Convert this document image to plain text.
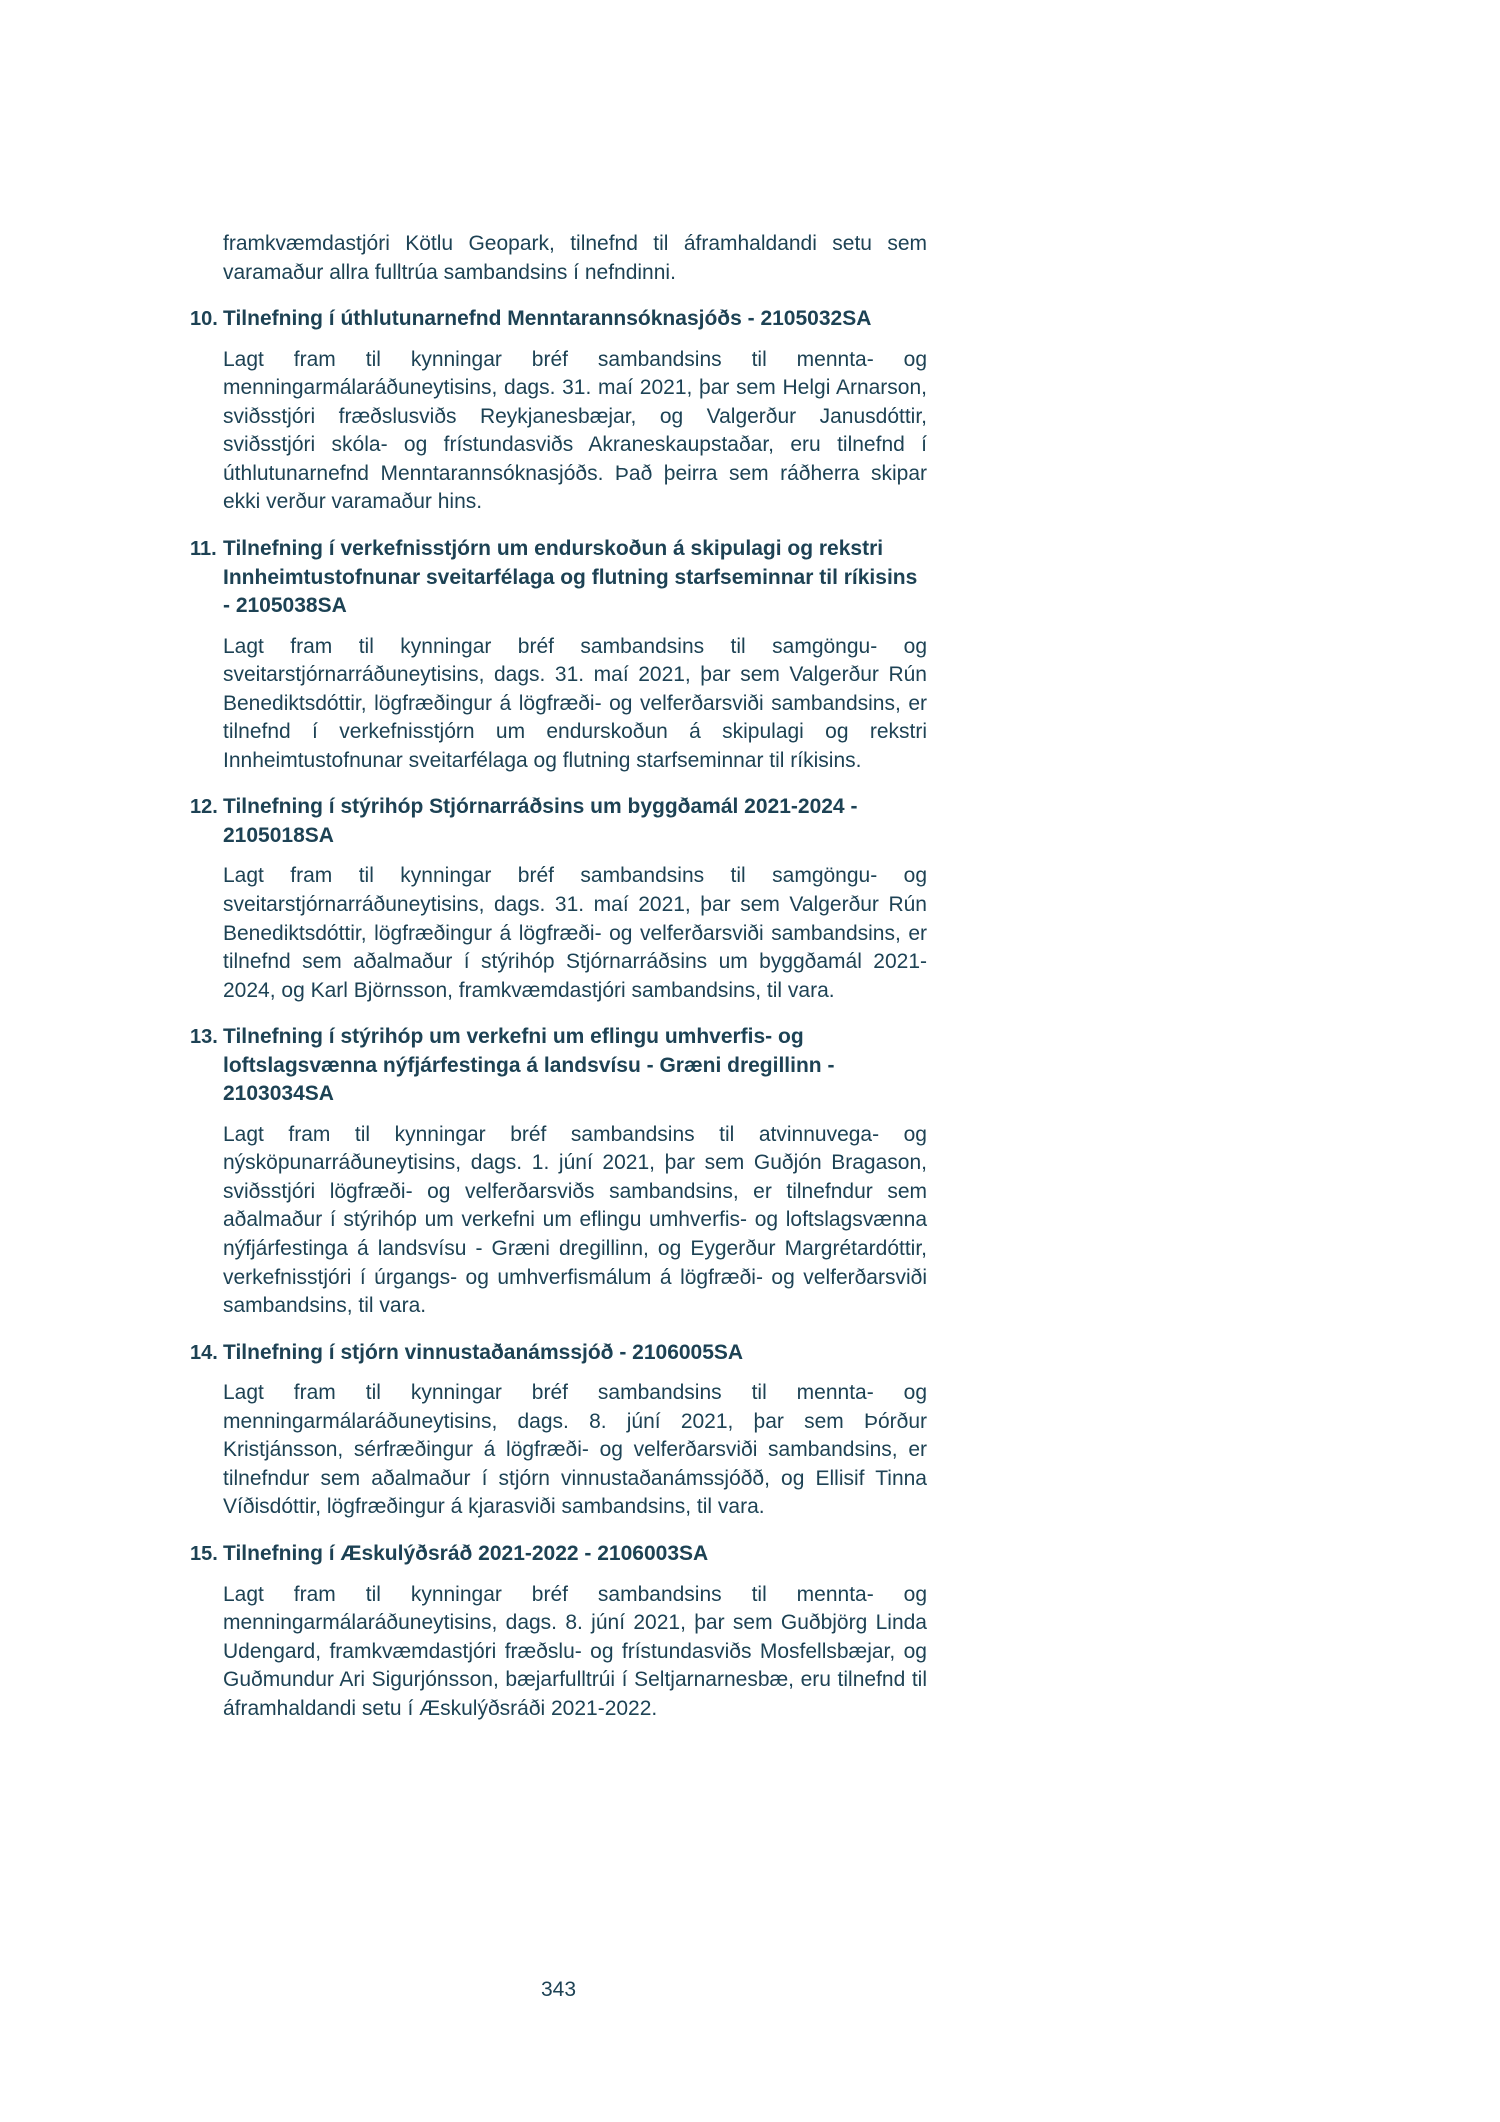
framkvæmdastjóri Kötlu Geopark, tilnefnd til áframhaldandi setu sem varamaður allra fulltrúa sambandsins í nefndinni.

10. Tilnefning í úthlutunarnefnd Menntarannsóknasjóðs - 2105032SA

Lagt fram til kynningar bréf sambandsins til mennta- og menningarmálaráðuneytisins, dags. 31. maí 2021, þar sem Helgi Arnarson, sviðsstjóri fræðslusviðs Reykjanesbæjar, og Valgerður Janusdóttir, sviðsstjóri skóla- og frístundasviðs Akraneskaupstaðar, eru tilnefnd í úthlutunarnefnd Menntarannsóknasjóðs. Það þeirra sem ráðherra skipar ekki verður varamaður hins.

11. Tilnefning í verkefnisstjórn um endurskoðun á skipulagi og rekstri Innheimtustofnunar sveitarfélaga og flutning starfseminnar til ríkisins - 2105038SA

Lagt fram til kynningar bréf sambandsins til samgöngu- og sveitarstjórnarráðuneytisins, dags. 31. maí 2021, þar sem Valgerður Rún Benediktsdóttir, lögfræðingur á lögfræði- og velferðarsviði sambandsins, er tilnefnd í verkefnisstjórn um endurskoðun á skipulagi og rekstri Innheimtustofnunar sveitarfélaga og flutning starfseminnar til ríkisins.

12. Tilnefning í stýrihóp Stjórnarráðsins um byggðamál 2021-2024 - 2105018SA

Lagt fram til kynningar bréf sambandsins til samgöngu- og sveitarstjórnarráðuneytisins, dags. 31. maí 2021, þar sem Valgerður Rún Benediktsdóttir, lögfræðingur á lögfræði- og velferðarsviði sambandsins, er tilnefnd sem aðalmaður í stýrihóp Stjórnarráðsins um byggðamál 2021-2024, og Karl Björnsson, framkvæmdastjóri sambandsins, til vara.

13. Tilnefning í stýrihóp um verkefni um eflingu umhverfis- og loftslagsvænna nýfjárfestinga á landsvísu - Græni dregillinn - 2103034SA

Lagt fram til kynningar bréf sambandsins til atvinnuvega- og nýsköpunarráðuneytisins, dags. 1. júní 2021, þar sem Guðjón Bragason, sviðsstjóri lögfræði- og velferðarsviðs sambandsins, er tilnefndur sem aðalmaður í stýrihóp um verkefni um eflingu umhverfis- og loftslagsvænna nýfjárfestinga á landsvísu - Græni dregillinn, og Eygerður Margrétardóttir, verkefnisstjóri í úrgangs- og umhverfismálum á lögfræði- og velferðarsviði sambandsins, til vara.

14. Tilnefning í stjórn vinnustaðanámssjóð - 2106005SA

Lagt fram til kynningar bréf sambandsins til mennta- og menningarmálaráðuneytisins, dags. 8. júní 2021, þar sem Þórður Kristjánsson, sérfræðingur á lögfræði- og velferðarsviði sambandsins, er tilnefndur sem aðalmaður í stjórn vinnustaðanámssjóðð, og Ellisif Tinna Víðisdóttir, lögfræðingur á kjarasviði sambandsins, til vara.

15. Tilnefning í Æskulýðsráð 2021-2022 - 2106003SA

Lagt fram til kynningar bréf sambandsins til mennta- og menningarmálaráðuneytisins, dags. 8. júní 2021, þar sem Guðbjörg Linda Udengard, framkvæmdastjóri fræðslu- og frístundasviðs Mosfellsbæjar, og Guðmundur Ari Sigurjónsson, bæjarfulltrúi í Seltjarnarnesbæ, eru tilnefnd til áframhaldandi setu í Æskulýðsráði 2021-2022.

343
